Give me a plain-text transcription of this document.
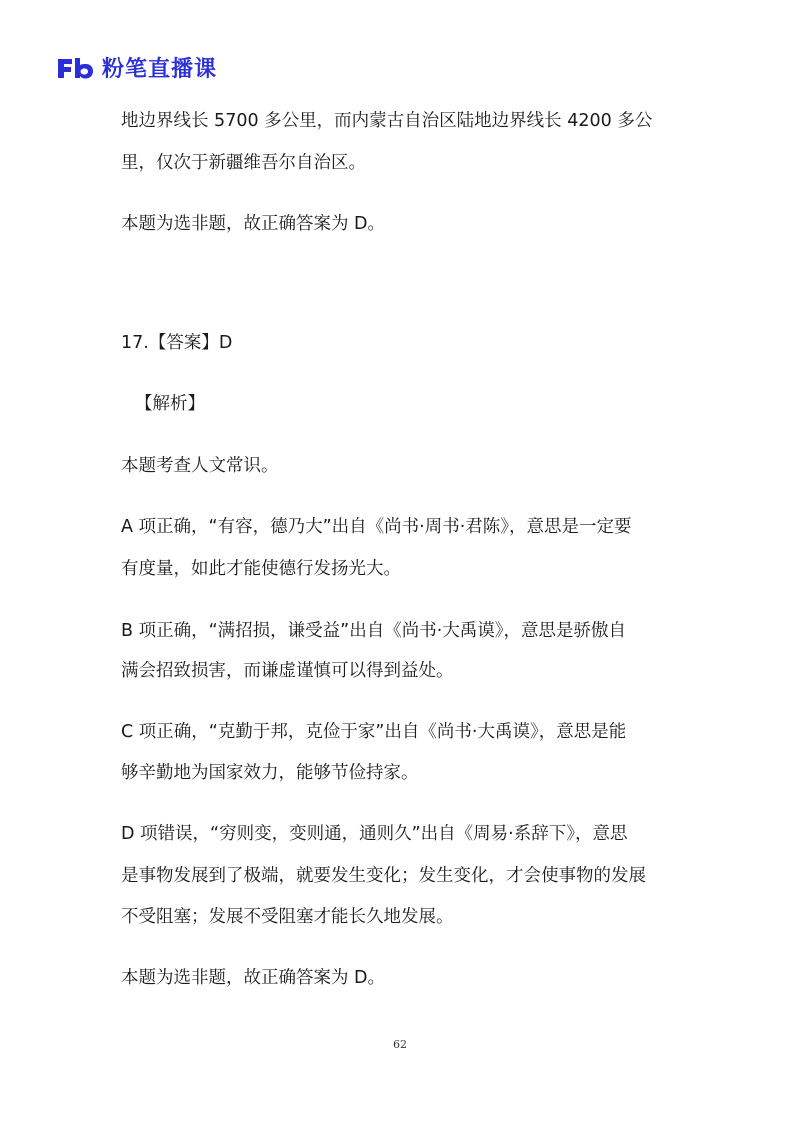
粉笔直播课
地边界线长 5700 多公里，而内蒙古自治区陆地边界线长 4200 多公
里，仅次于新疆维吾尔自治区。
本题为选非题，故正确答案为 D。
17.【答案】D
【解析】
本题考查人文常识。
A 项正确，“有容，德乃大”出自《尚书·周书·君陈》，意思是一定要
有度量，如此才能使德行发扬光大。
B 项正确，“满招损，谦受益”出自《尚书·大禹谟》，意思是骄傲自
满会招致损害，而谦虚谨慎可以得到益处。
C 项正确，“克勤于邦，克俭于家”出自《尚书·大禹谟》，意思是能
够辛勤地为国家效力，能够节俭持家。
D 项错误，“穷则变，变则通，通则久”出自《周易·系辞下》，意思
是事物发展到了极端，就要发生变化；发生变化，才会使事物的发展
不受阻塞；发展不受阻塞才能长久地发展。
本题为选非题，故正确答案为 D。
62
